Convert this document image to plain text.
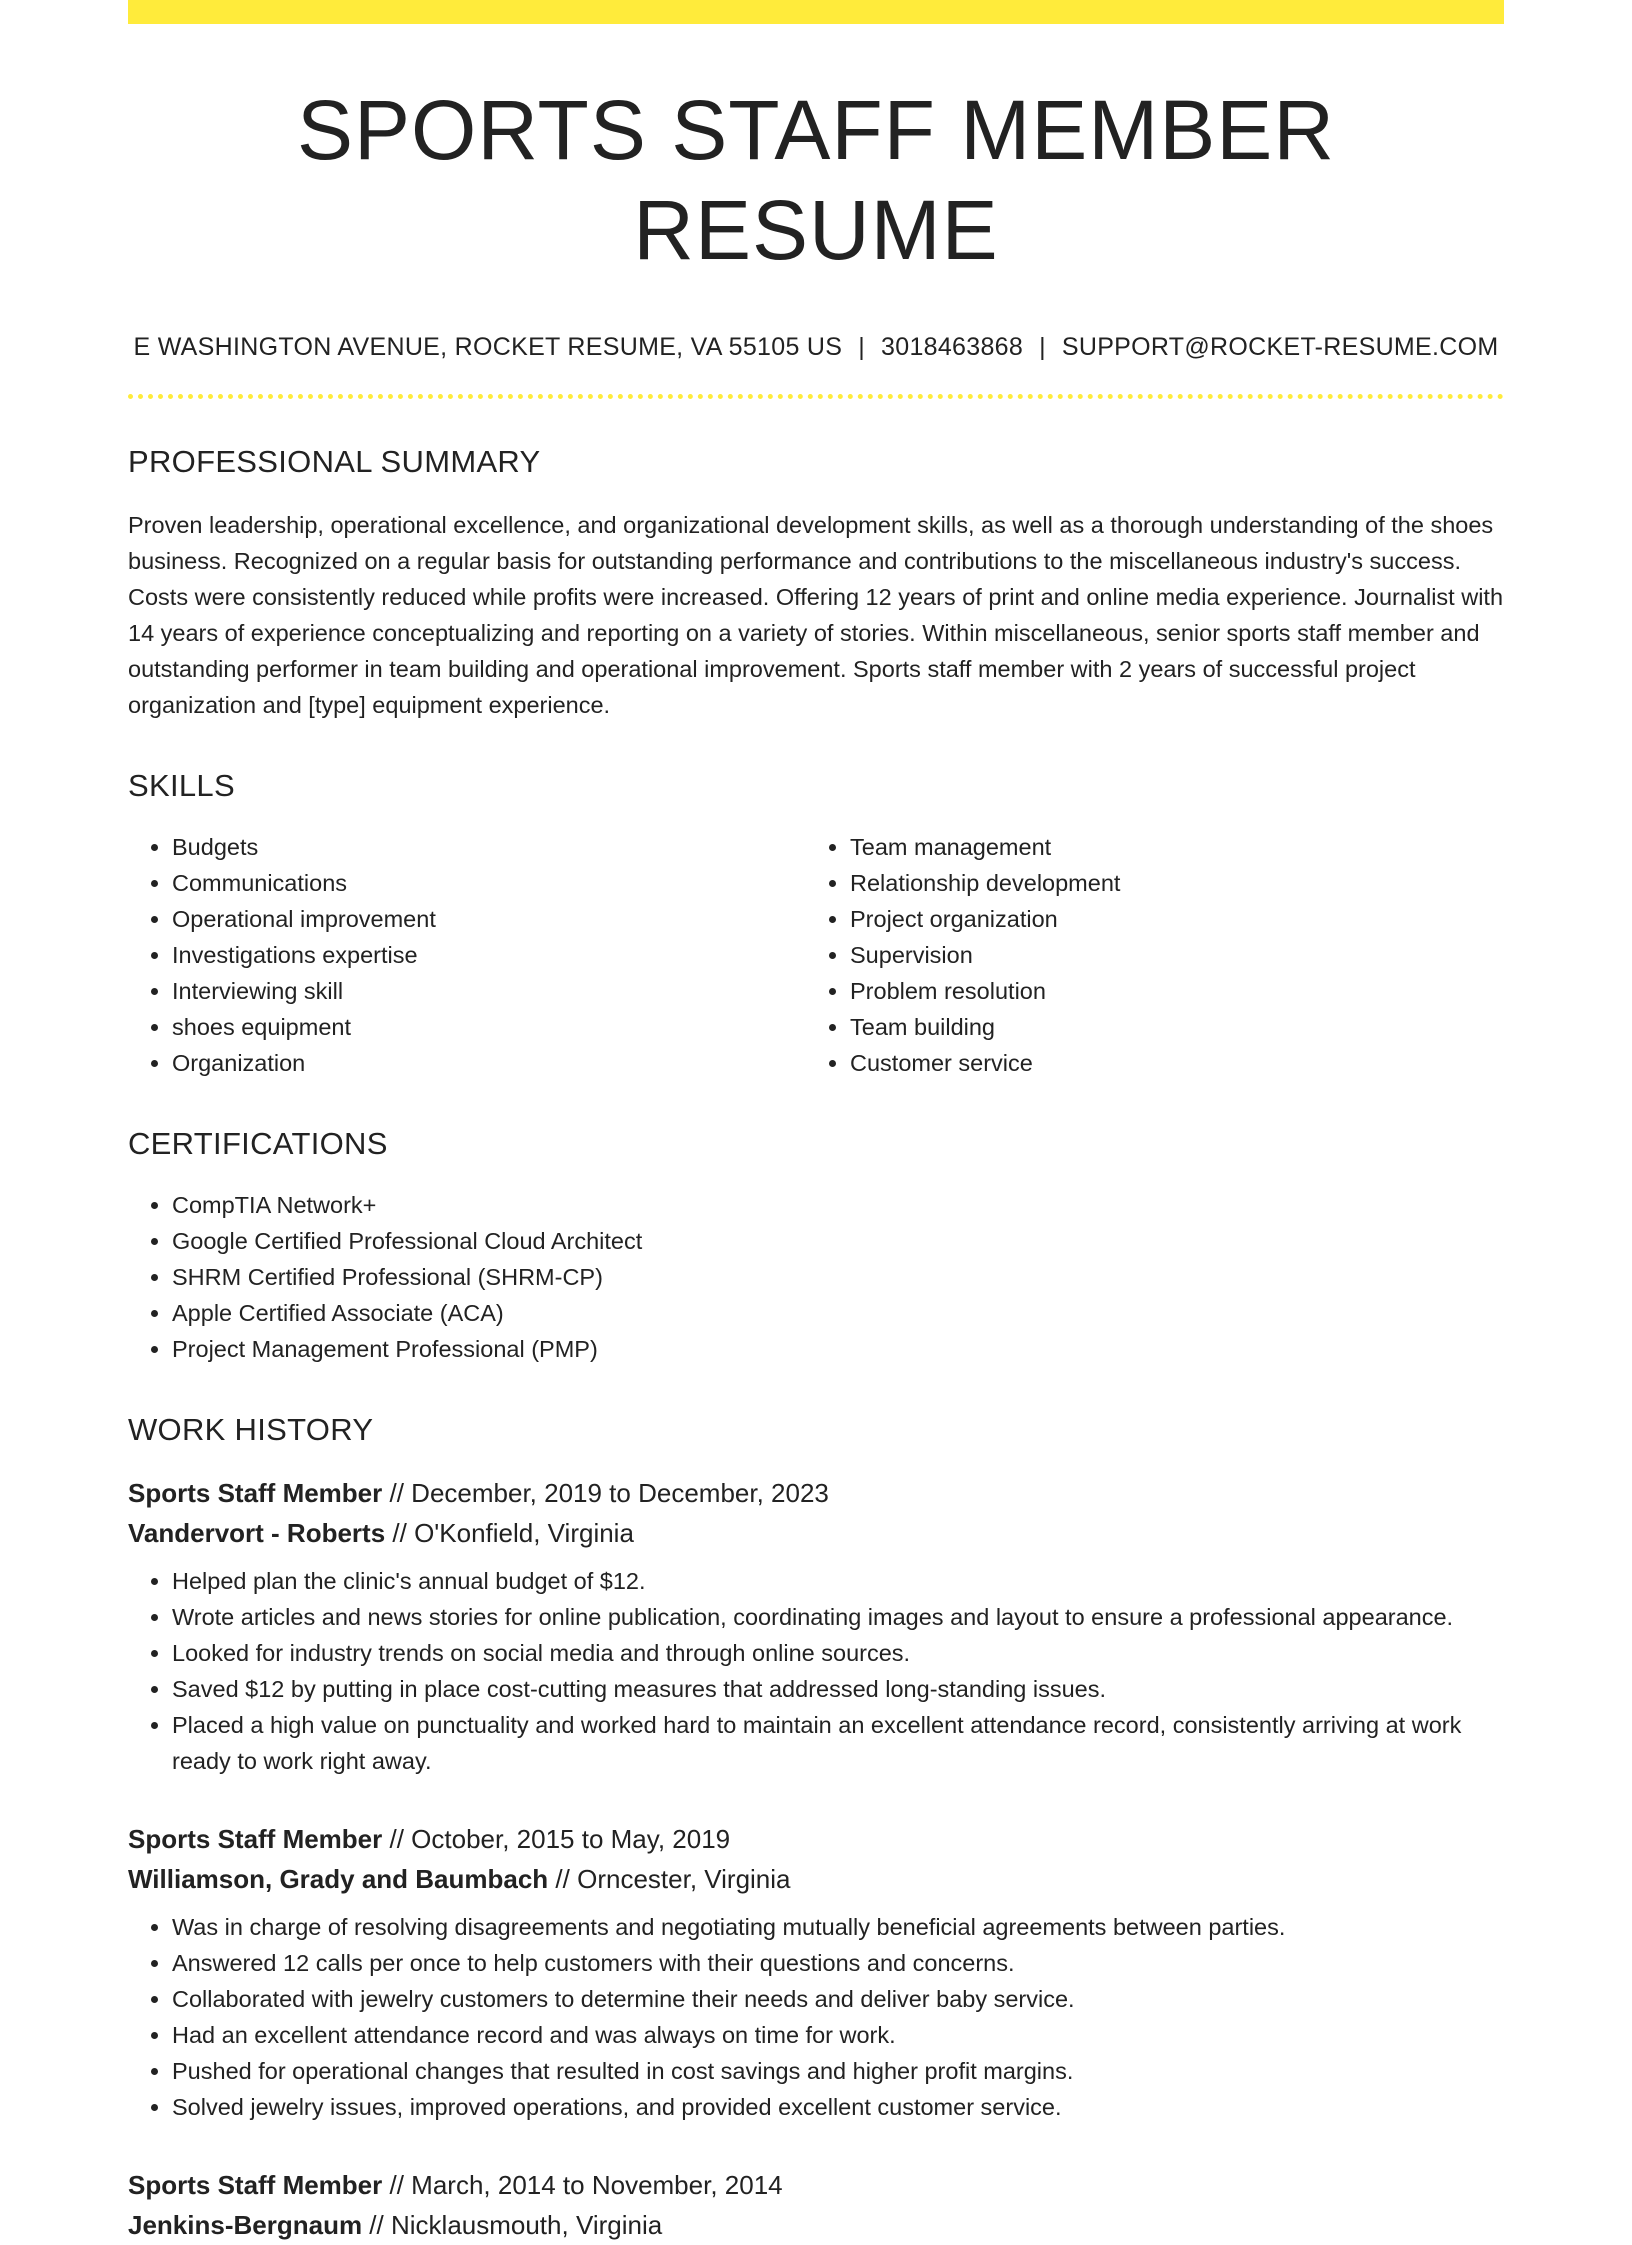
SPORTS STAFF MEMBER RESUME
E WASHINGTON AVENUE, ROCKET RESUME, VA 55105 US | 3018463868 | SUPPORT@ROCKET-RESUME.COM
PROFESSIONAL SUMMARY

Proven leadership, operational excellence, and organizational development skills, as well as a thorough understanding of the shoes business. Recognized on a regular basis for outstanding performance and contributions to the miscellaneous industry's success. Costs were consistently reduced while profits were increased. Offering 12 years of print and online media experience. Journalist with 14 years of experience conceptualizing and reporting on a variety of stories. Within miscellaneous, senior sports staff member and outstanding performer in team building and operational improvement. Sports staff member with 2 years of successful project organization and [type] equipment experience.

SKILLS
• Budgets
• Communications
• Operational improvement
• Investigations expertise
• Interviewing skill
• shoes equipment
• Organization
• Team management
• Relationship development
• Project organization
• Supervision
• Problem resolution
• Team building
• Customer service
CERTIFICATIONS
• CompTIA Network+
• Google Certified Professional Cloud Architect
• SHRM Certified Professional (SHRM-CP)
• Apple Certified Associate (ACA)
• Project Management Professional (PMP)
WORK HISTORY
Sports Staff Member // December, 2019 to December, 2023
Vandervort - Roberts // O'Konfield, Virginia
• Helped plan the clinic's annual budget of $12.
• Wrote articles and news stories for online publication, coordinating images and layout to ensure a professional appearance.
• Looked for industry trends on social media and through online sources.
• Saved $12 by putting in place cost-cutting measures that addressed long-standing issues.
• Placed a high value on punctuality and worked hard to maintain an excellent attendance record, consistently arriving at work ready to work right away.
Sports Staff Member // October, 2015 to May, 2019
Williamson, Grady and Baumbach // Orncester, Virginia
• Was in charge of resolving disagreements and negotiating mutually beneficial agreements between parties.
• Answered 12 calls per once to help customers with their questions and concerns.
• Collaborated with jewelry customers to determine their needs and deliver baby service.
• Had an excellent attendance record and was always on time for work.
• Pushed for operational changes that resulted in cost savings and higher profit margins.
• Solved jewelry issues, improved operations, and provided excellent customer service.
Sports Staff Member // March, 2014 to November, 2014
Jenkins-Bergnaum // Nicklausmouth, Virginia
